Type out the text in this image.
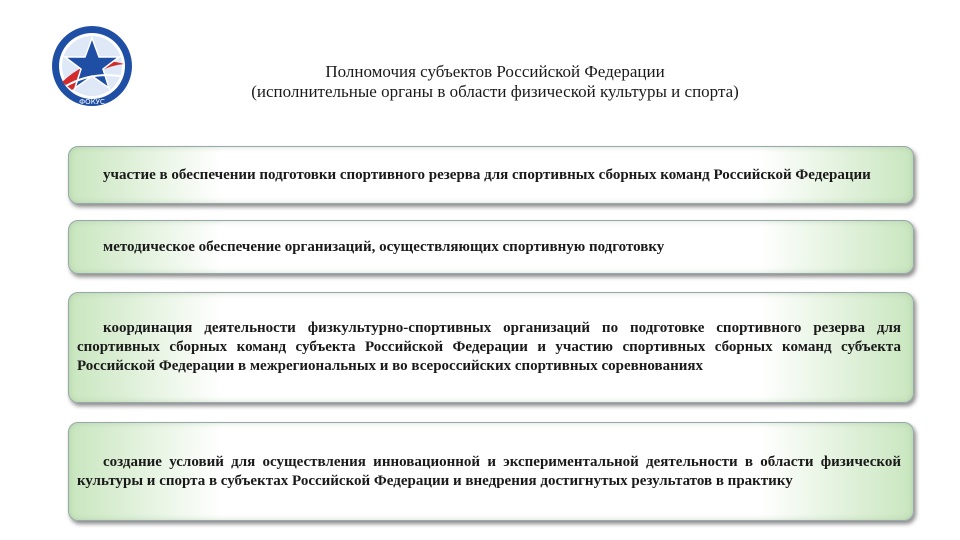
ФОКУС
Полномочия субъектов Российской Федерации
(исполнительные органы в области физической культуры и спорта)

участие в обеспечении подготовки спортивного резерва для спортивных сборных команд Российской Федерации

методическое обеспечение организаций, осуществляющих спортивную подготовку

координация деятельности физкультурно-спортивных организаций по подготовке спортивного резерва для спортивных сборных команд субъекта Российской Федерации и участию спортивных сборных команд субъекта Российской Федерации в межрегиональных и во всероссийских спортивных соревнованиях

создание условий для осуществления инновационной и экспериментальной деятельности в области физической культуры и спорта в субъектах Российской Федерации и внедрения достигнутых результатов в практику
